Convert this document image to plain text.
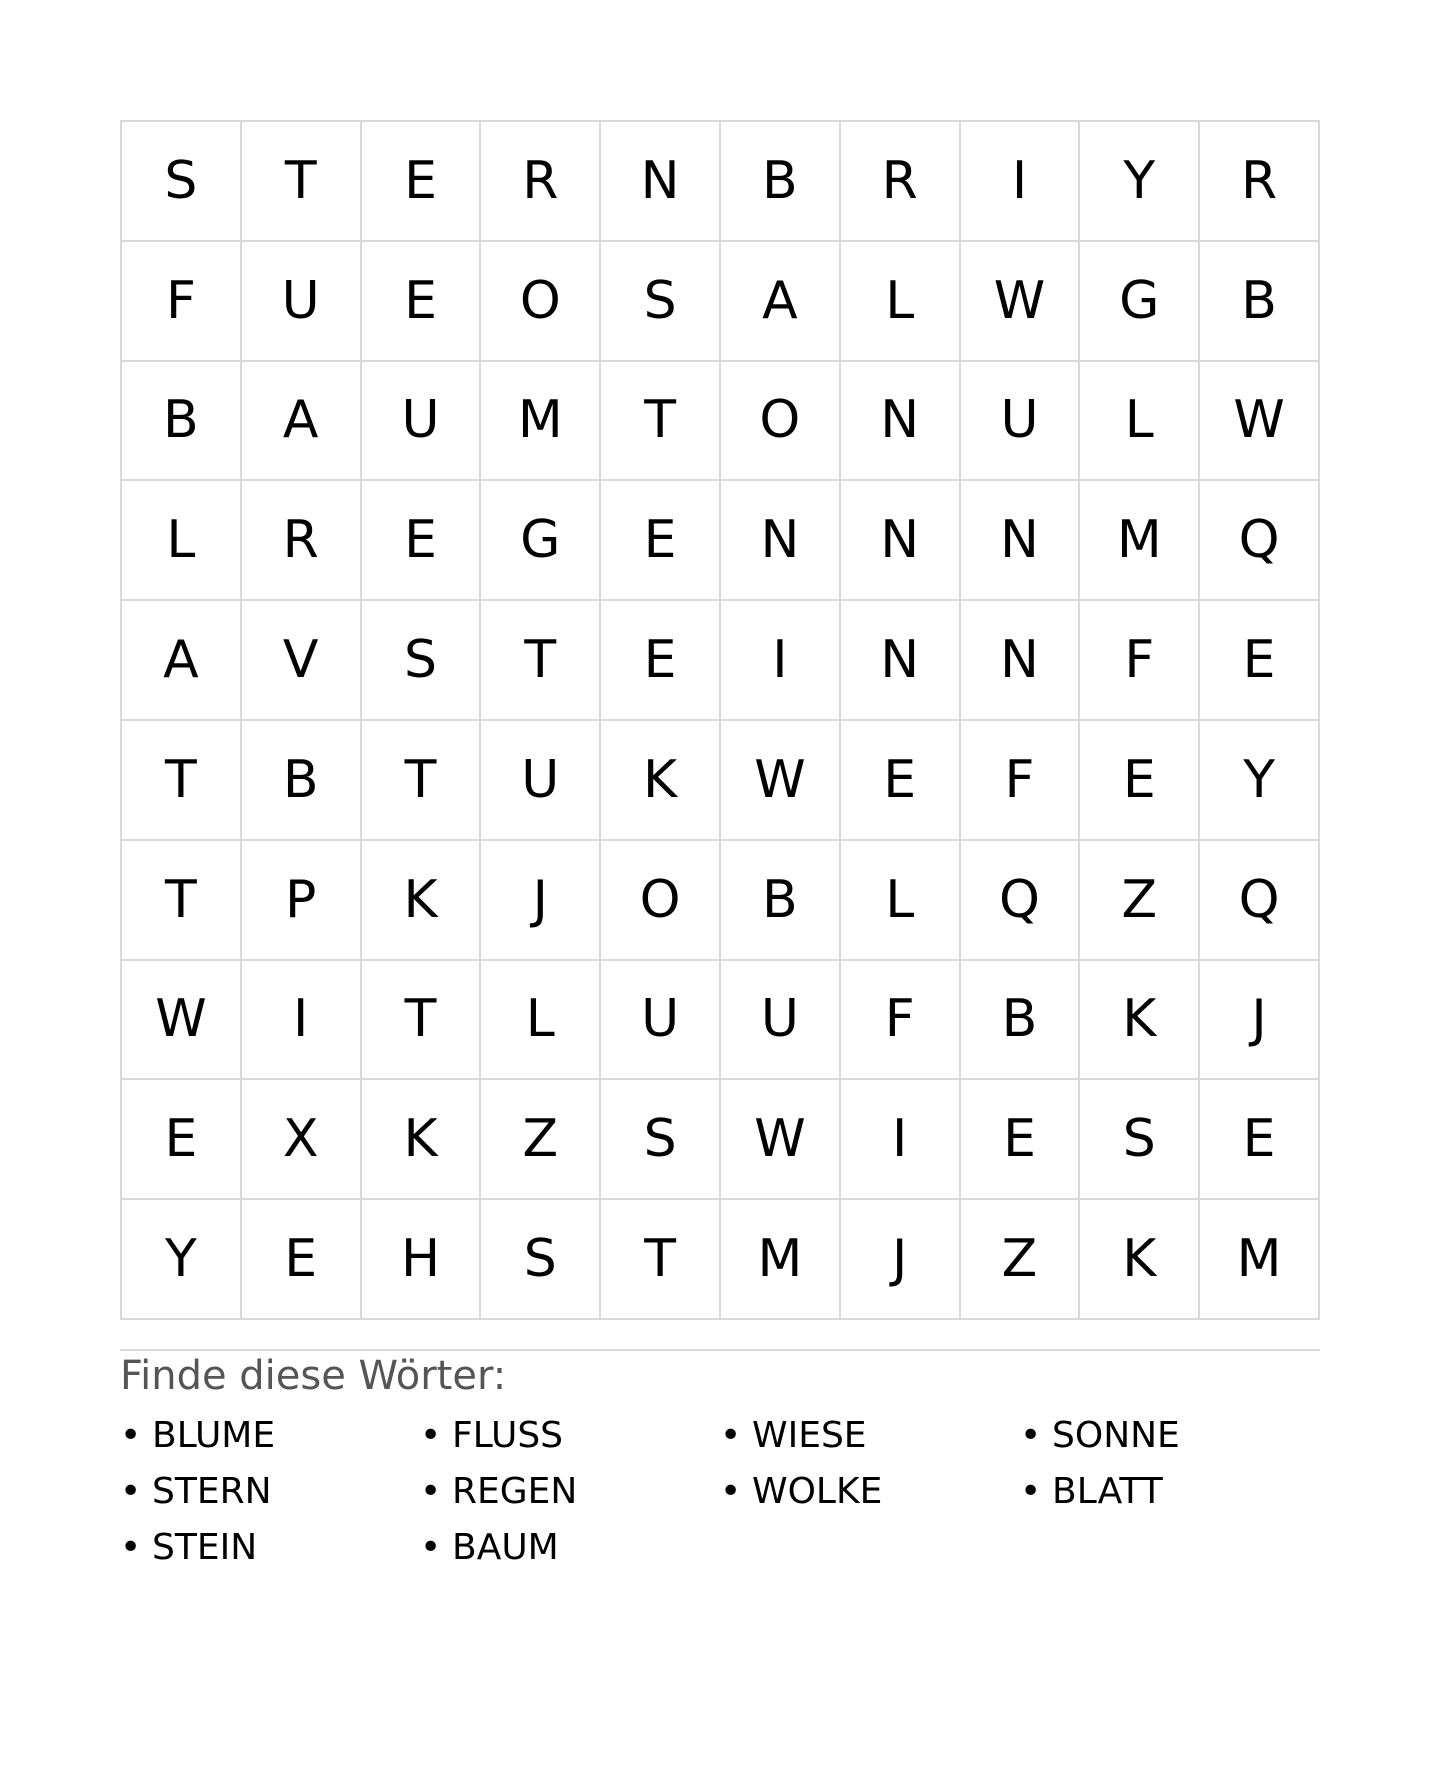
S	T	E	R	N	B	R	I	Y	R
F	U	E	O	S	A	L	W	G	B
B	A	U	M	T	O	N	U	L	W
L	R	E	G	E	N	N	N	M	Q
A	V	S	T	E	I	N	N	F	E
T	B	T	U	K	W	E	F	E	Y
T	P	K	J	O	B	L	Q	Z	Q
W	I	T	L	U	U	F	B	K	J
E	X	K	Z	S	W	I	E	S	E
Y	E	H	S	T	M	J	Z	K	M
Finde diese Wörter:
• BLUME	• FLUSS	• WIESE	• SONNE
• STERN	• REGEN	• WOLKE	• BLATT
• STEIN	• BAUM
